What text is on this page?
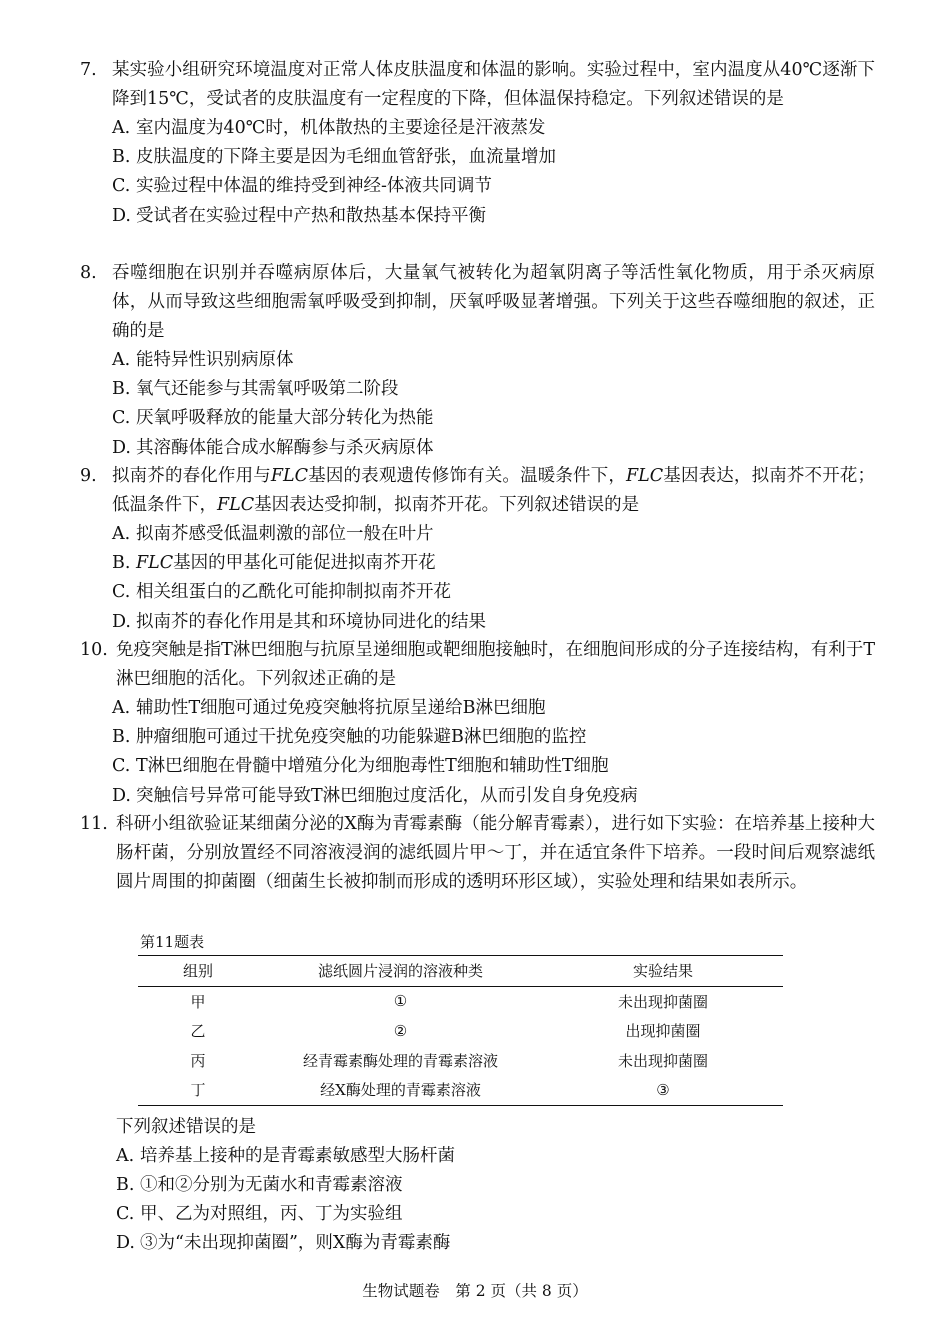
7. 某实验小组研究环境温度对正常人体皮肤温度和体温的影响。实验过程中，室内温度从40℃逐渐下降到15℃，受试者的皮肤温度有一定程度的下降，但体温保持稳定。下列叙述错误的是
A. 室内温度为40℃时，机体散热的主要途径是汗液蒸发
B. 皮肤温度的下降主要是因为毛细血管舒张，血流量增加
C. 实验过程中体温的维持受到神经-体液共同调节
D. 受试者在实验过程中产热和散热基本保持平衡
8. 吞噬细胞在识别并吞噬病原体后，大量氧气被转化为超氧阴离子等活性氧化物质，用于杀灭病原体，从而导致这些细胞需氧呼吸受到抑制，厌氧呼吸显著增强。下列关于这些吞噬细胞的叙述，正确的是
A. 能特异性识别病原体
B. 氧气还能参与其需氧呼吸第二阶段
C. 厌氧呼吸释放的能量大部分转化为热能
D. 其溶酶体能合成水解酶参与杀灭病原体
9. 拟南芥的春化作用与FLC基因的表观遗传修饰有关。温暖条件下，FLC基因表达，拟南芥不开花；低温条件下，FLC基因表达受抑制，拟南芥开花。下列叙述错误的是
A. 拟南芥感受低温刺激的部位一般在叶片
B. FLC基因的甲基化可能促进拟南芥开花
C. 相关组蛋白的乙酰化可能抑制拟南芥开花
D. 拟南芥的春化作用是其和环境协同进化的结果
10. 免疫突触是指T淋巴细胞与抗原呈递细胞或靶细胞接触时，在细胞间形成的分子连接结构，有利于T淋巴细胞的活化。下列叙述正确的是
A. 辅助性T细胞可通过免疫突触将抗原呈递给B淋巴细胞
B. 肿瘤细胞可通过干扰免疫突触的功能躲避B淋巴细胞的监控
C. T淋巴细胞在骨髓中增殖分化为细胞毒性T细胞和辅助性T细胞
D. 突触信号异常可能导致T淋巴细胞过度活化，从而引发自身免疫病
11. 科研小组欲验证某细菌分泌的X酶为青霉素酶（能分解青霉素），进行如下实验：在培养基上接种大肠杆菌，分别放置经不同溶液浸润的滤纸圆片甲～丁，并在适宜条件下培养。一段时间后观察滤纸圆片周围的抑菌圈（细菌生长被抑制而形成的透明环形区域），实验处理和结果如表所示。
第11题表
组别	滤纸圆片浸润的溶液种类	实验结果
甲	①	未出现抑菌圈
乙	②	出现抑菌圈
丙	经青霉素酶处理的青霉素溶液	未出现抑菌圈
丁	经X酶处理的青霉素溶液	③
下列叙述错误的是
A. 培养基上接种的是青霉素敏感型大肠杆菌
B. ①和②分别为无菌水和青霉素溶液
C. 甲、乙为对照组，丙、丁为实验组
D. ③为“未出现抑菌圈”，则X酶为青霉素酶
生物试题卷　第 2 页（共 8 页）
